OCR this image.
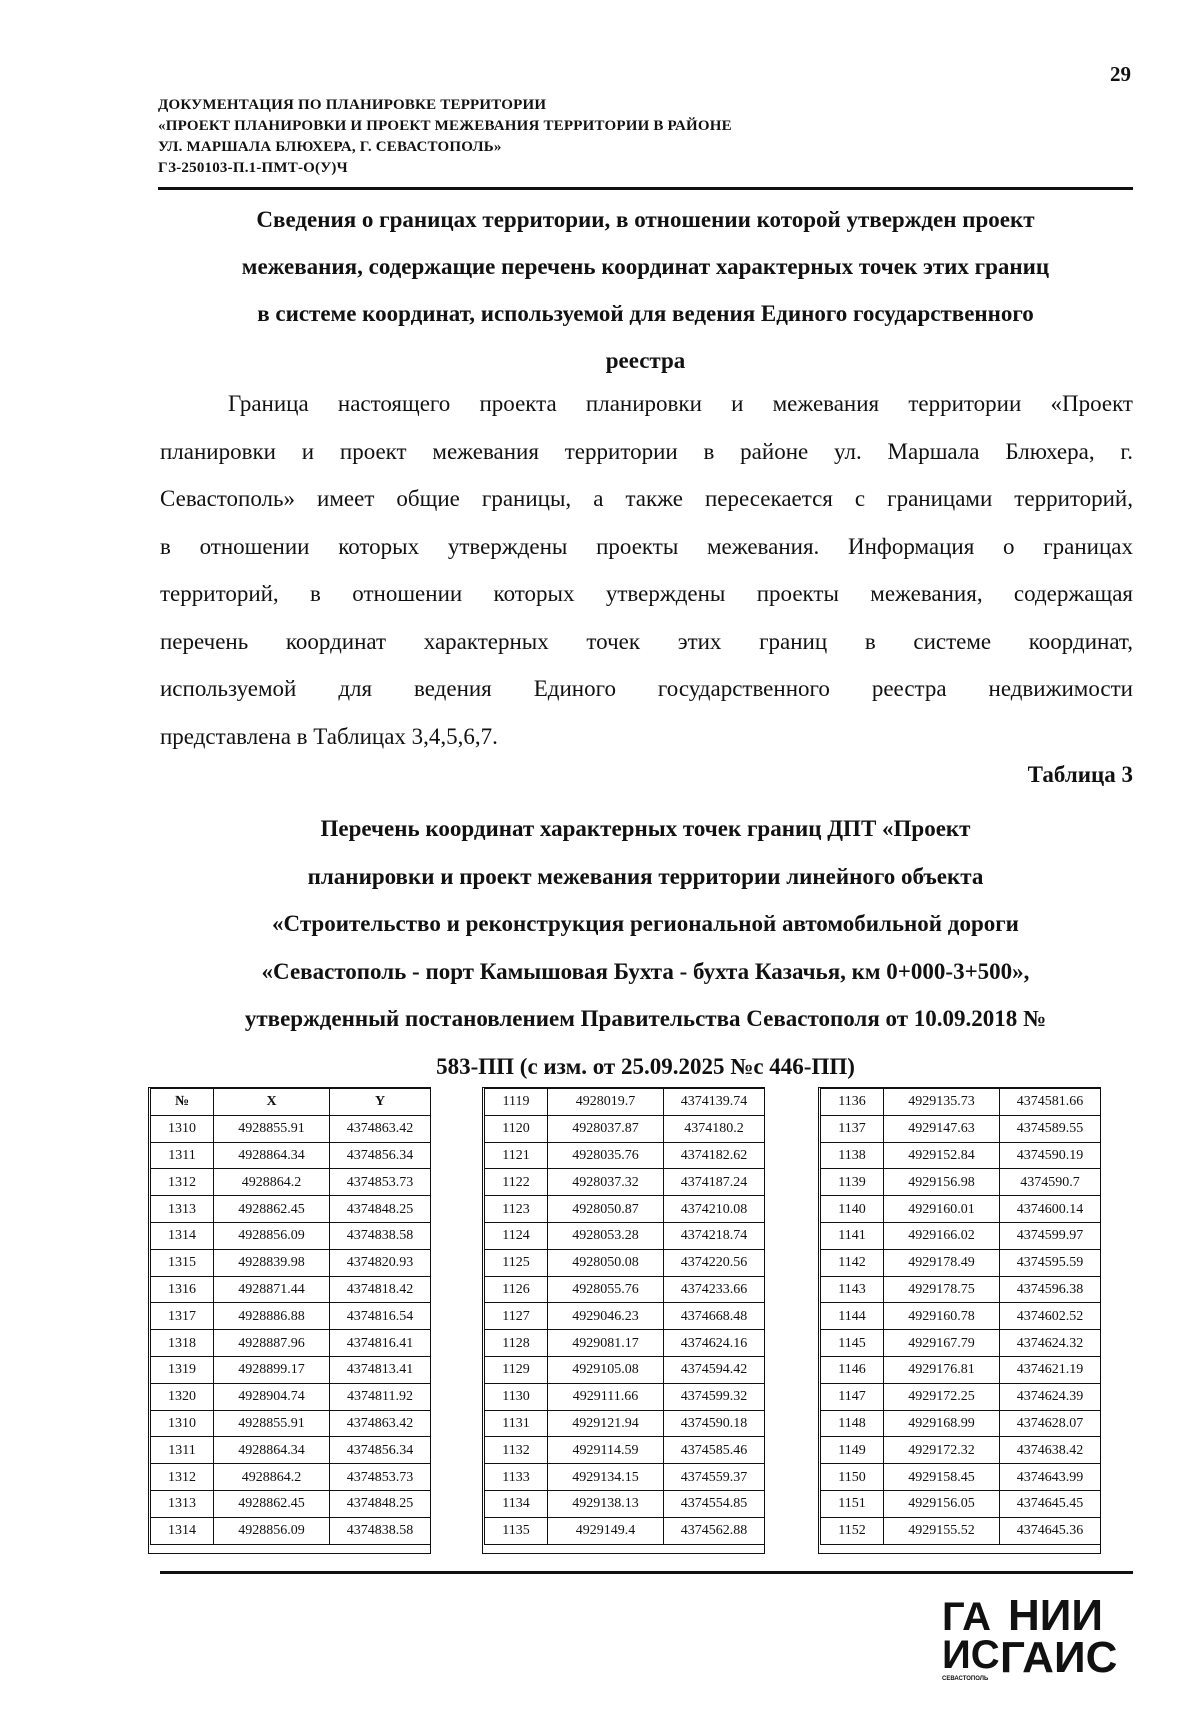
29
ДОКУМЕНТАЦИЯ ПО ПЛАНИРОВКЕ ТЕРРИТОРИИ
«ПРОЕКТ ПЛАНИРОВКИ И ПРОЕКТ МЕЖЕВАНИЯ ТЕРРИТОРИИ В РАЙОНЕ
УЛ. МАРШАЛА БЛЮХЕРА, Г. СЕВАСТОПОЛЬ»
ГЗ-250103-П.1-ПМТ-О(У)Ч
Сведения о границах территории, в отношении которой утвержден проект
межевания, содержащие перечень координат характерных точек этих границ
в системе координат, используемой для ведения Единого государственного
реестра
Граница настоящего проекта планировки и межевания территории «Проект
планировки и проект межевания территории в районе ул. Маршала Блюхера, г.
Севастополь» имеет общие границы, а также пересекается с границами территорий,
в отношении которых утверждены проекты межевания. Информация о границах
территорий, в отношении которых утверждены проекты межевания, содержащая
перечень координат характерных точек этих границ в системе координат,
используемой для ведения Единого государственного реестра недвижимости
представлена в Таблицах 3,4,5,6,7.
Таблица 3
Перечень координат характерных точек границ ДПТ «Проект
планировки и проект межевания территории линейного объекта
«Строительство и реконструкция региональной автомобильной дороги
«Севастополь - порт Камышовая Бухта - бухта Казачья, км 0+000-3+500»,
утвержденный постановлением Правительства Севастополя от 10.09.2018 №
583-ПП (с изм. от 25.09.2025 №с 446-ПП)
№	X	Y
1310	4928855.91	4374863.42
1311	4928864.34	4374856.34
1312	4928864.2	4374853.73
1313	4928862.45	4374848.25
1314	4928856.09	4374838.58
1315	4928839.98	4374820.93
1316	4928871.44	4374818.42
1317	4928886.88	4374816.54
1318	4928887.96	4374816.41
1319	4928899.17	4374813.41
1320	4928904.74	4374811.92
1310	4928855.91	4374863.42
1311	4928864.34	4374856.34
1312	4928864.2	4374853.73
1313	4928862.45	4374848.25
1314	4928856.09	4374838.58
1119	4928019.7	4374139.74
1120	4928037.87	4374180.2
1121	4928035.76	4374182.62
1122	4928037.32	4374187.24
1123	4928050.87	4374210.08
1124	4928053.28	4374218.74
1125	4928050.08	4374220.56
1126	4928055.76	4374233.66
1127	4929046.23	4374668.48
1128	4929081.17	4374624.16
1129	4929105.08	4374594.42
1130	4929111.66	4374599.32
1131	4929121.94	4374590.18
1132	4929114.59	4374585.46
1133	4929134.15	4374559.37
1134	4929138.13	4374554.85
1135	4929149.4	4374562.88
1136	4929135.73	4374581.66
1137	4929147.63	4374589.55
1138	4929152.84	4374590.19
1139	4929156.98	4374590.7
1140	4929160.01	4374600.14
1141	4929166.02	4374599.97
1142	4929178.49	4374595.59
1143	4929178.75	4374596.38
1144	4929160.78	4374602.52
1145	4929167.79	4374624.32
1146	4929176.81	4374621.19
1147	4929172.25	4374624.39
1148	4929168.99	4374628.07
1149	4929172.32	4374638.42
1150	4929158.45	4374643.99
1151	4929156.05	4374645.45
1152	4929155.52	4374645.36
ГА
ИС
НИИ
ГАИС
СЕВАСТОПОЛЬ
